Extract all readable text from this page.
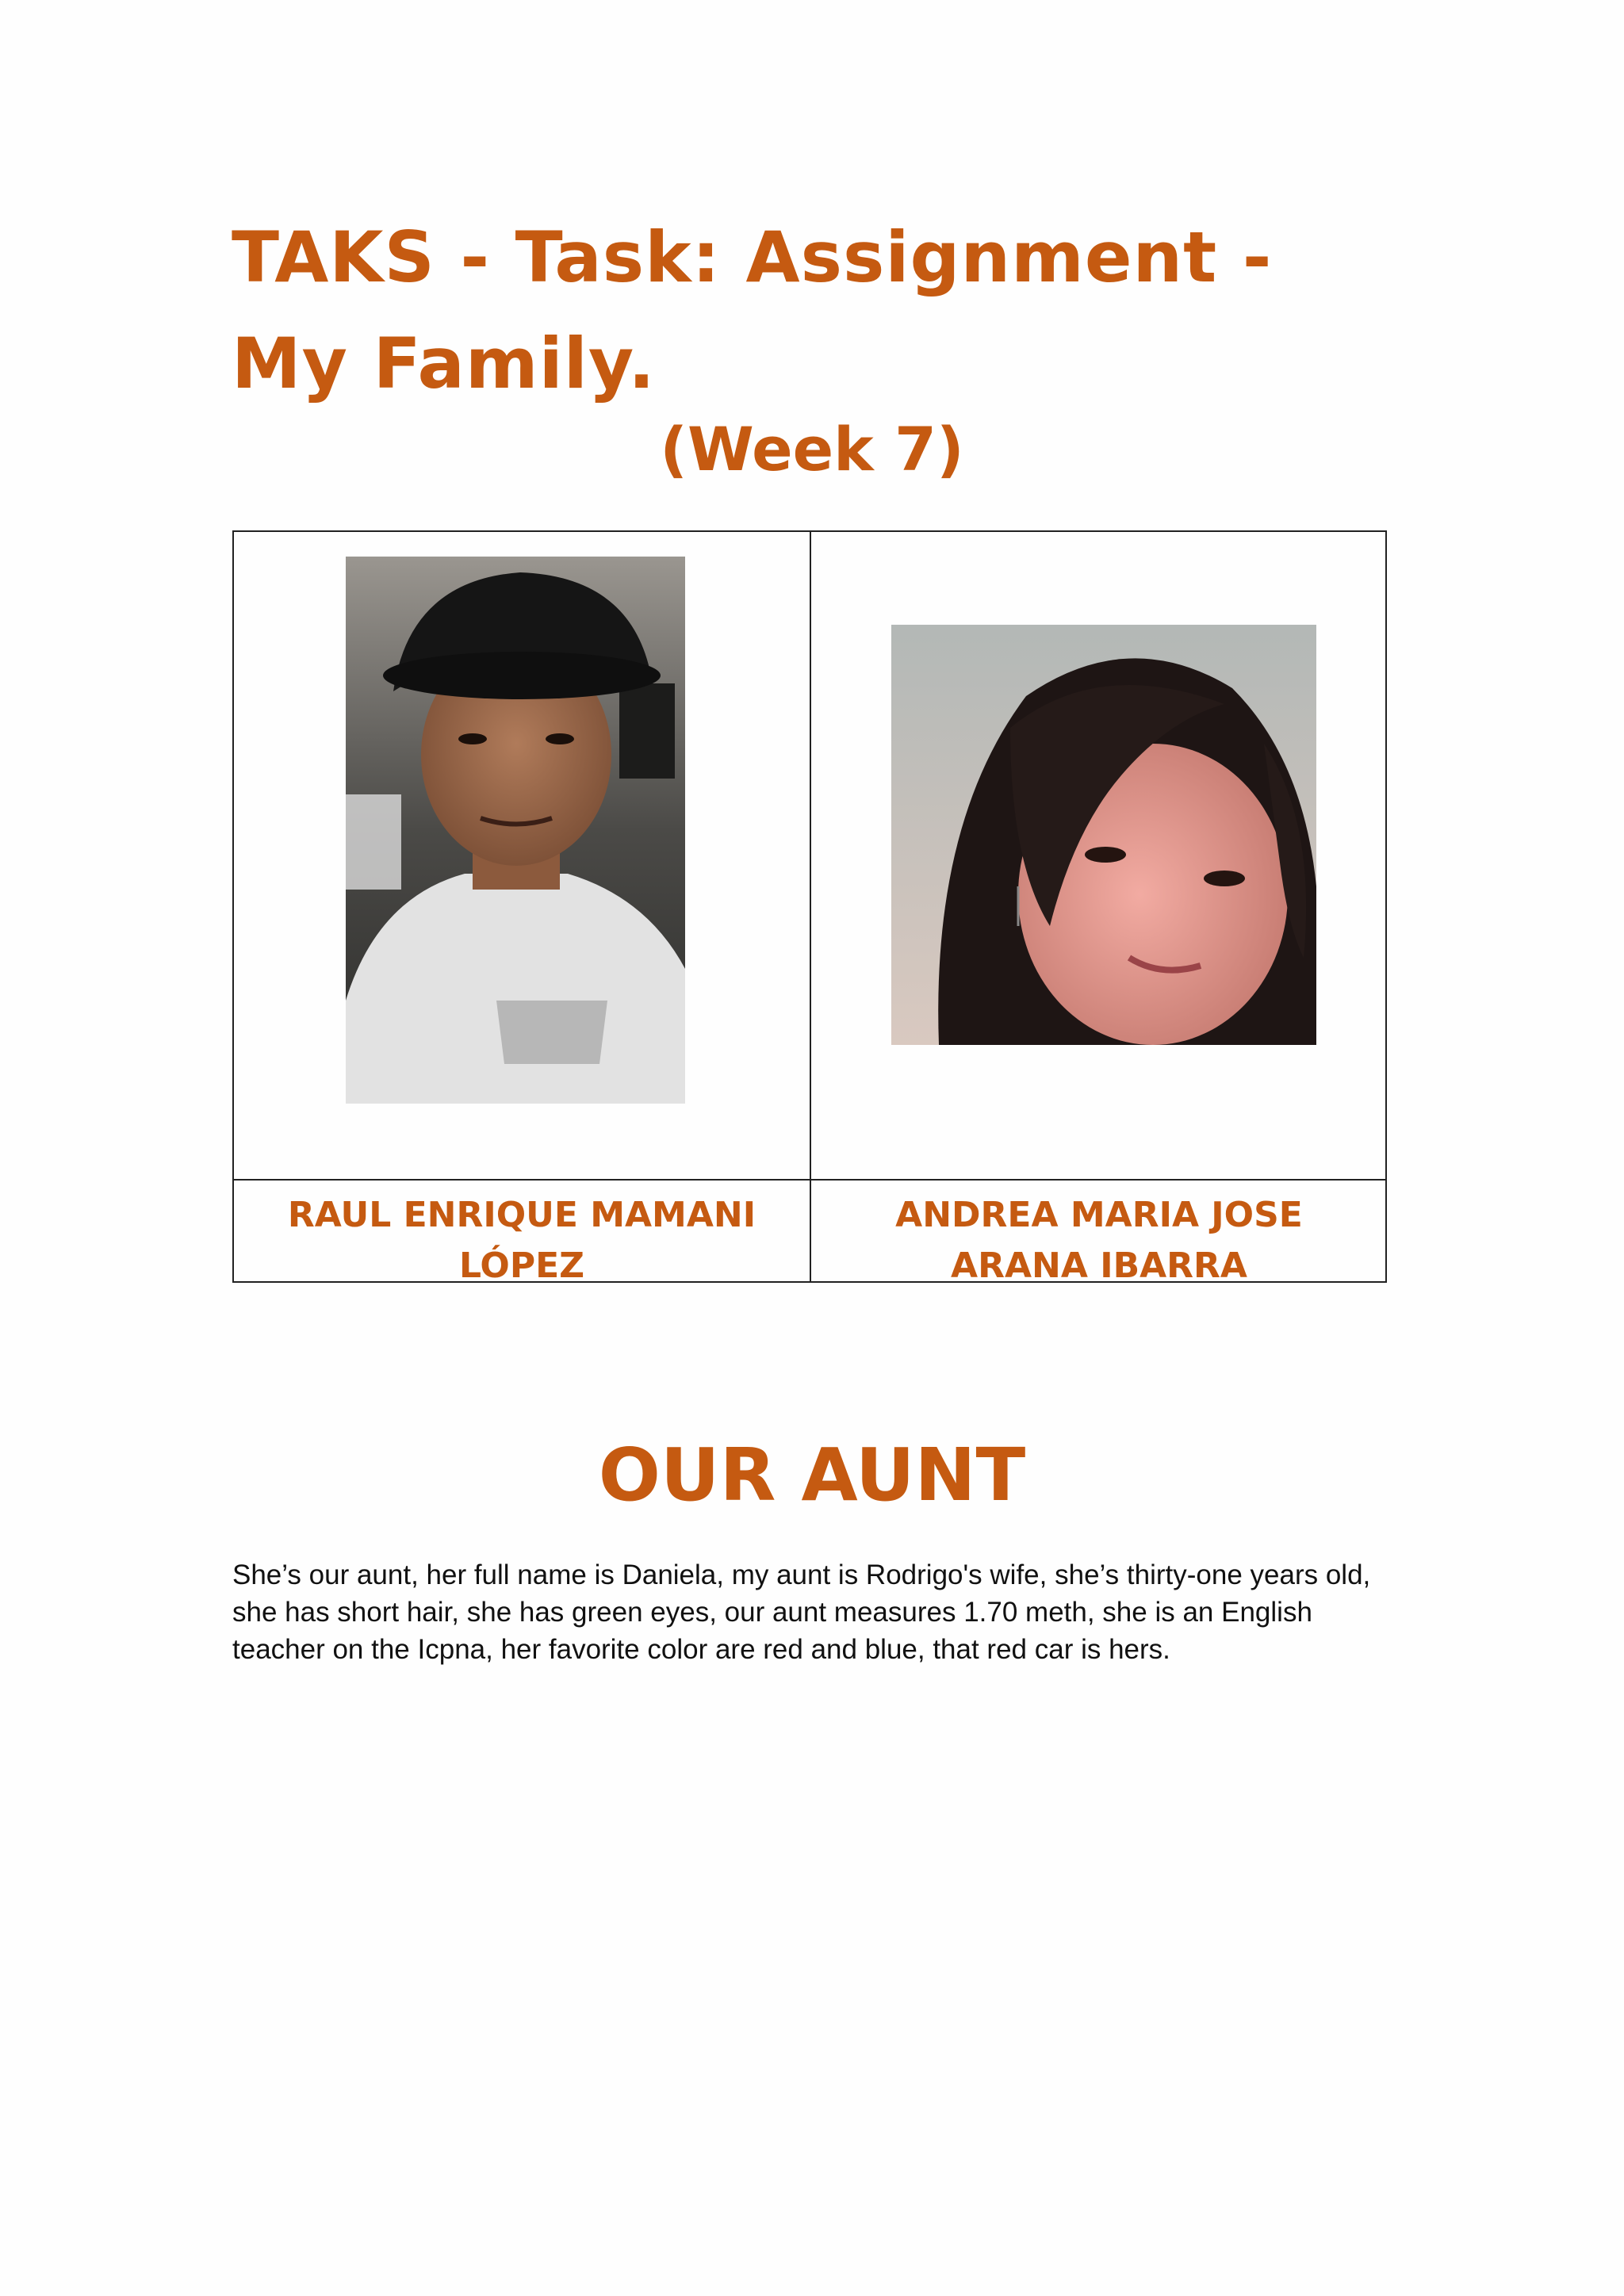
TAKS - Task: Assignment - My Family.
(Week 7)
RAUL ENRIQUE MAMANI
LÓPEZ
ANDREA MARIA JOSE
ARANA IBARRA
OUR AUNT

She’s our aunt, her full name is Daniela, my aunt is Rodrigo's wife, she’s thirty-one years old, she has short hair, she has green eyes, our aunt measures 1.70 meth, she is an English teacher on the Icpna, her favorite color are red and blue, that red car is hers.
